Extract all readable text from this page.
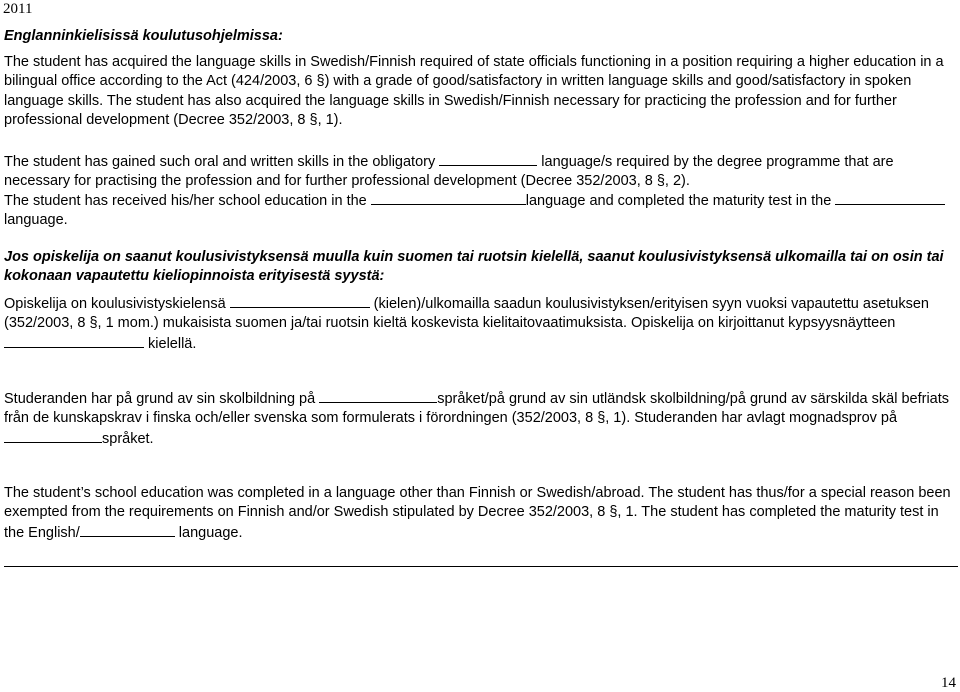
2011

Englanninkielisissä koulutusohjelmissa:

The student has acquired the language skills in Swedish/Finnish required of state officials functioning in a position requiring a higher education in a bilingual office according to the Act (424/2003, 6 §) with a grade of good/satisfactory in written language skills and good/satisfactory in spoken language skills. The student has also acquired the language skills in Swedish/Finnish necessary for practicing the profession and for further professional development (Decree 352/2003, 8 §, 1).

The student has gained such oral and written skills in the obligatory	language/s required by the degree programme that are necessary for practising the profession and for further professional development (Decree 352/2003, 8 §, 2).

The student has received his/her school education in the	language and completed the maturity test in the  language.

Jos opiskelija on saanut koulusivistyksensä muulla kuin suomen tai ruotsin kielellä, saanut koulusivistyksensä ulkomailla tai on osin tai kokonaan vapautettu kieliopinnoista erityisestä syystä:

Opiskelija on koulusivistyskielensä	(kielen)/ulkomailla saadun koulusivistyksen/erityisen syyn vuoksi vapautettu asetuksen (352/2003, 8 §, 1 mom.) mukaisista suomen ja/tai ruotsin kieltä koskevista kielitaitovaatimuksista. Opiskelija on kirjoittanut kypsyysnäytteen  kielellä.

Studeranden har på grund av sin skolbildning på	språket/på grund av sin utländsk skolbildning/på grund av särskilda skäl befriats från de kunskapskrav i finska och/eller svenska som formulerats i förordningen (352/2003, 8 §, 1). Studeranden har avlagt mognadsprov på språket.

The student’s school education was completed in a language other than Finnish or Swedish/abroad. The student has thus/for a special reason been exempted from the requirements on Finnish and/or Swedish stipulated by Decree 352/2003, 8 §, 1. The student has completed the maturity test in the English/	language.

14
